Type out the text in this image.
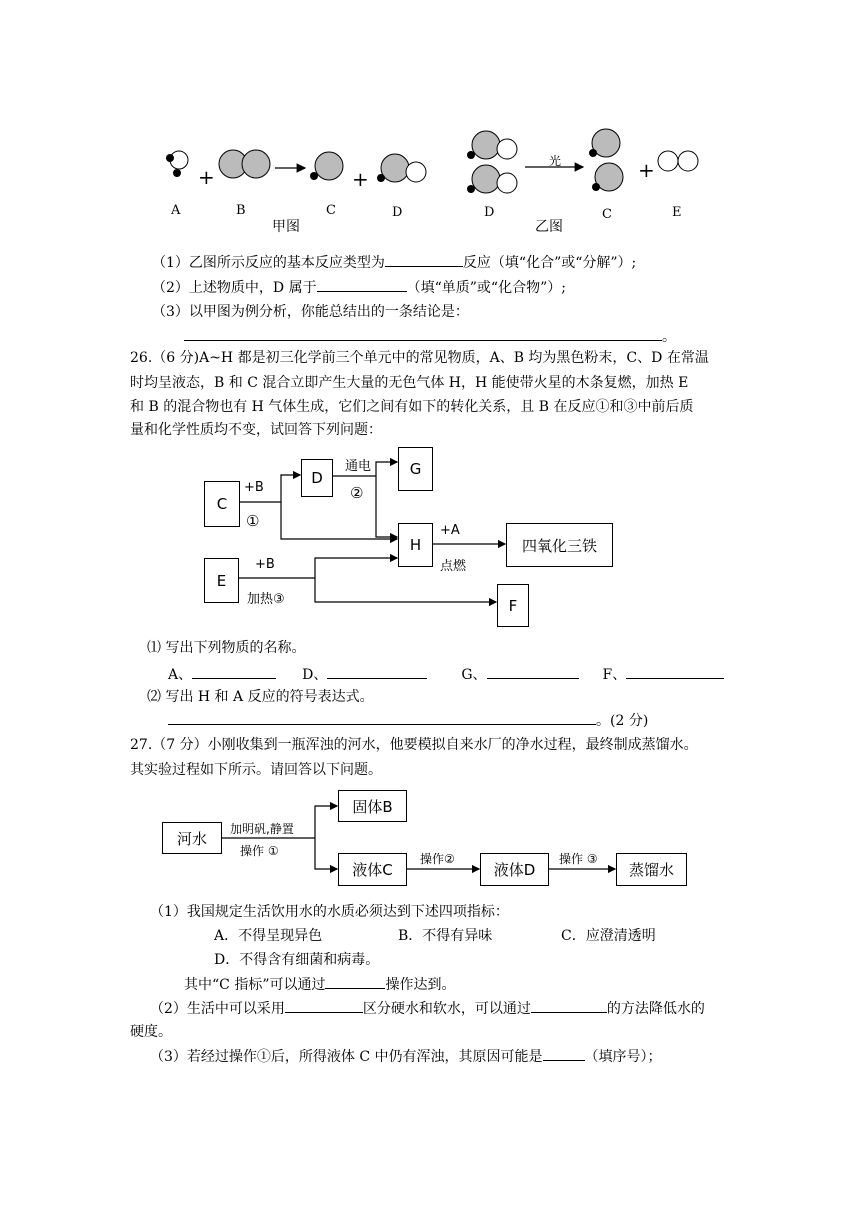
+	+	+
光
A	B	C	D	D	C	E
甲图	乙图
（1）乙图所示反应的基本反应类型为	反应（填“化合”或“分解”）;
（2）上述物质中，D 属于	（填“单质”或“化合物”）;
（3）以甲图为例分析，你能总结出的一条结论是：
。
26.（6 分)A~H 都是初三化学前三个单元中的常见物质，A、B 均为黑色粉末，C、D 在常温
时均呈液态，B 和 C 混合立即产生大量的无色气体 H，H 能使带火星的木条复燃，加热 E
和 B 的混合物也有 H 气体生成，它们之间有如下的转化关系，且 B 在反应①和③中前后质
量和化学性质均不变，试回答下列问题：
C
D	G
H	四氧化三铁
E
F
+B
①
通电
②
+A
点燃
+B
加热③
⑴ 写出下列物质的名称。
A、	D、	G、	F、
⑵ 写出 H 和 A 反应的符号表达式。
。(2 分)
27.（7 分）小刚收集到一瓶浑浊的河水，他要模拟自来水厂的净水过程，最终制成蒸馏水。
其实验过程如下所示。请回答以下问题。
河水
固体B
液体C	液体D	蒸馏水
加明矾,静置
操作 ①
操作②	操作 ③
（1）我国规定生活饮用水的水质必须达到下述四项指标：
A．不得呈现异色	B．不得有异味	C．应澄清透明
D．不得含有细菌和病毒。
其中“C 指标”可以通过	操作达到。
（2）生活中可以采用	区分硬水和软水，可以通过	的方法降低水的
硬度。
（3）若经过操作①后，所得液体 C 中仍有浑浊，其原因可能是	（填序号）；
